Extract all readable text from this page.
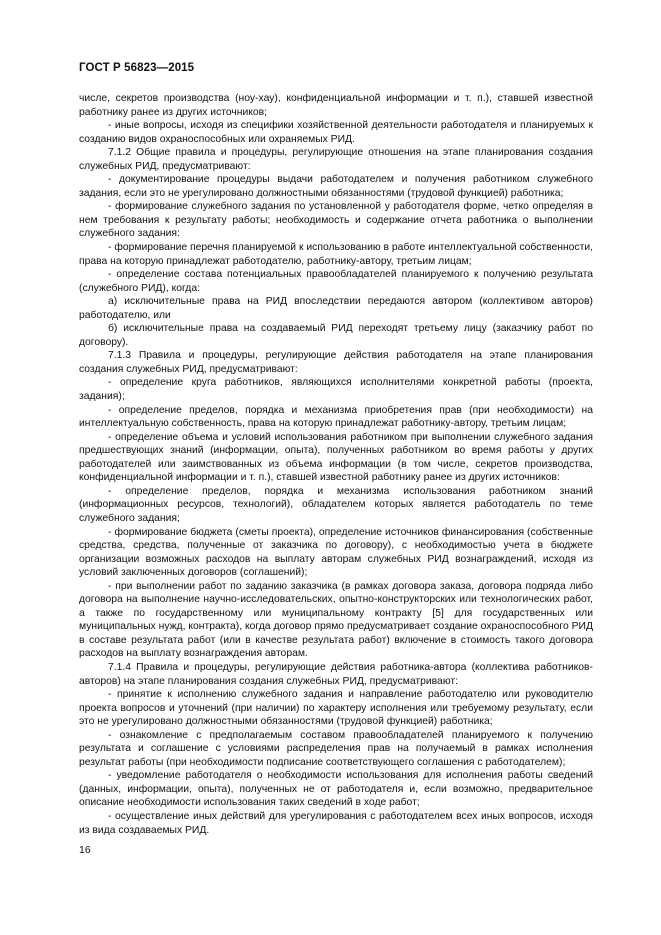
ГОСТ Р 56823—2015

числе, секретов производства (ноу-хау), конфиденциальной информации и т. п.), ставшей известной работнику ранее из других источников;

- иные вопросы, исходя из специфики хозяйственной деятельности работодателя и планируемых к созданию видов охраноспособных или охраняемых РИД.

7.1.2 Общие правила и процедуры, регулирующие отношения на этапе планирования создания служебных РИД, предусматривают:

- документирование процедуры выдачи работодателем и получения работником служебного задания, если это не урегулировано должностными обязанностями (трудовой функцией) работника;

- формирование служебного задания по установленной у работодателя форме, четко определяя в нем требования к результату работы; необходимость и содержание отчета работника о выполнении служебного задания:

- формирование перечня планируемой к использованию в работе интеллектуальной собственности, права на которую принадлежат работодателю, работнику-автору, третьим лицам;

- определение состава потенциальных правообладателей планируемого к получению результата (служебного РИД), когда:

а) исключительные права на РИД впоследствии передаются автором (коллективом авторов) работодателю, или

б) исключительные права на создаваемый РИД переходят третьему лицу (заказчику работ по договору).

7.1.3 Правила и процедуры, регулирующие действия работодателя на этапе планирования создания служебных РИД, предусматривают:

- определение круга работников, являющихся исполнителями конкретной работы (проекта, задания);

- определение пределов, порядка и механизма приобретения прав (при необходимости) на интеллектуальную собственность, права на которую принадлежат работнику-автору, третьим лицам;

- определение объема и условий использования работником при выполнении служебного задания предшествующих знаний (информации, опыта), полученных работником во время работы у других работодателей или заимствованных из объема информации (в том числе, секретов производства, конфиденциальной информации и т. п.), ставшей известной работнику ранее из других источников:

- определение пределов, порядка и механизма использования работником знаний (информационных ресурсов, технологий), обладателем которых является работодатель по теме служебного задания;

- формирование бюджета (сметы проекта), определение источников финансирования (собственные средства, средства, полученные от заказчика по договору), с необходимостью учета в бюджете организации возможных расходов на выплату авторам служебных РИД вознаграждений, исходя из условий заключенных договоров (соглашений);

- при выполнении работ по заданию заказчика (в рамках договора заказа, договора подряда либо договора на выполнение научно-исследовательских, опытно-конструкторских или технологических работ, а также по государственному или муниципальному контракту [5] для государственных или муниципальных нужд, контракта), когда договор прямо предусматривает создание охраноспособного РИД в составе результата работ (или в качестве результата работ) включение в стоимость такого договора расходов на выплату вознаграждения авторам.

7.1.4 Правила и процедуры, регулирующие действия работника-автора (коллектива работников-авторов) на этапе планирования создания служебных РИД, предусматривают:

- принятие к исполнению служебного задания и направление работодателю или руководителю проекта вопросов и уточнений (при наличии) по характеру исполнения или требуемому результату, если это не урегулировано должностными обязанностями (трудовой функцией) работника;

- ознакомление с предполагаемым составом правообладателей планируемого к получению результата и соглашение с условиями распределения прав на получаемый в рамках исполнения результат работы (при необходимости подписание соответствующего соглашения с работодателем);

- уведомление работодателя о необходимости использования для исполнения работы сведений (данных, информации, опыта), полученных не от работодателя и, если возможно, предварительное описание необходимости использования таких сведений в ходе работ;

- осуществление иных действий для урегулирования с работодателем всех иных вопросов, исходя из вида создаваемых РИД.

16
